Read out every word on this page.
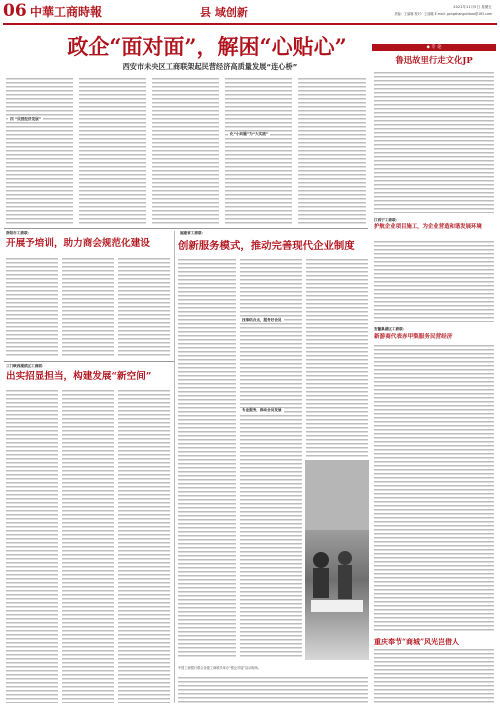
06 中華工商時報	县 域创新	2021年11月5日 星期五
责编：王丽娜 校对：王丽娜 E-mail: gongshangshibao@163.com
政企“面对面”，解困“心贴心”
西安市未央区工商联架起民营经济高质量发展“连心桥”
四 “民营经济发展”
化“小问题”为“大实践”
◆ 专 论
鲁迅故里行走文化JP
江西宁工商联：
护航企业项目施工，为企业营造和谐发展环境
安徽巢湖区工商联：
新游商代表赤甲梨服务民营经济
重庆奉节“商城”风光岂借人
洛阳市工商联：
开展予培训，助力商会规范化建设
三门峡西湖滨区工商联：
出实招显担当，构建发展“新空间”
福建省工商联：
创新服务模式，推动完善现代企业制度
找准结合点，服务好会员
专业服务，推动会员发展
中国工商银行联合各级工商联共举办“银企对接”活动现场。
